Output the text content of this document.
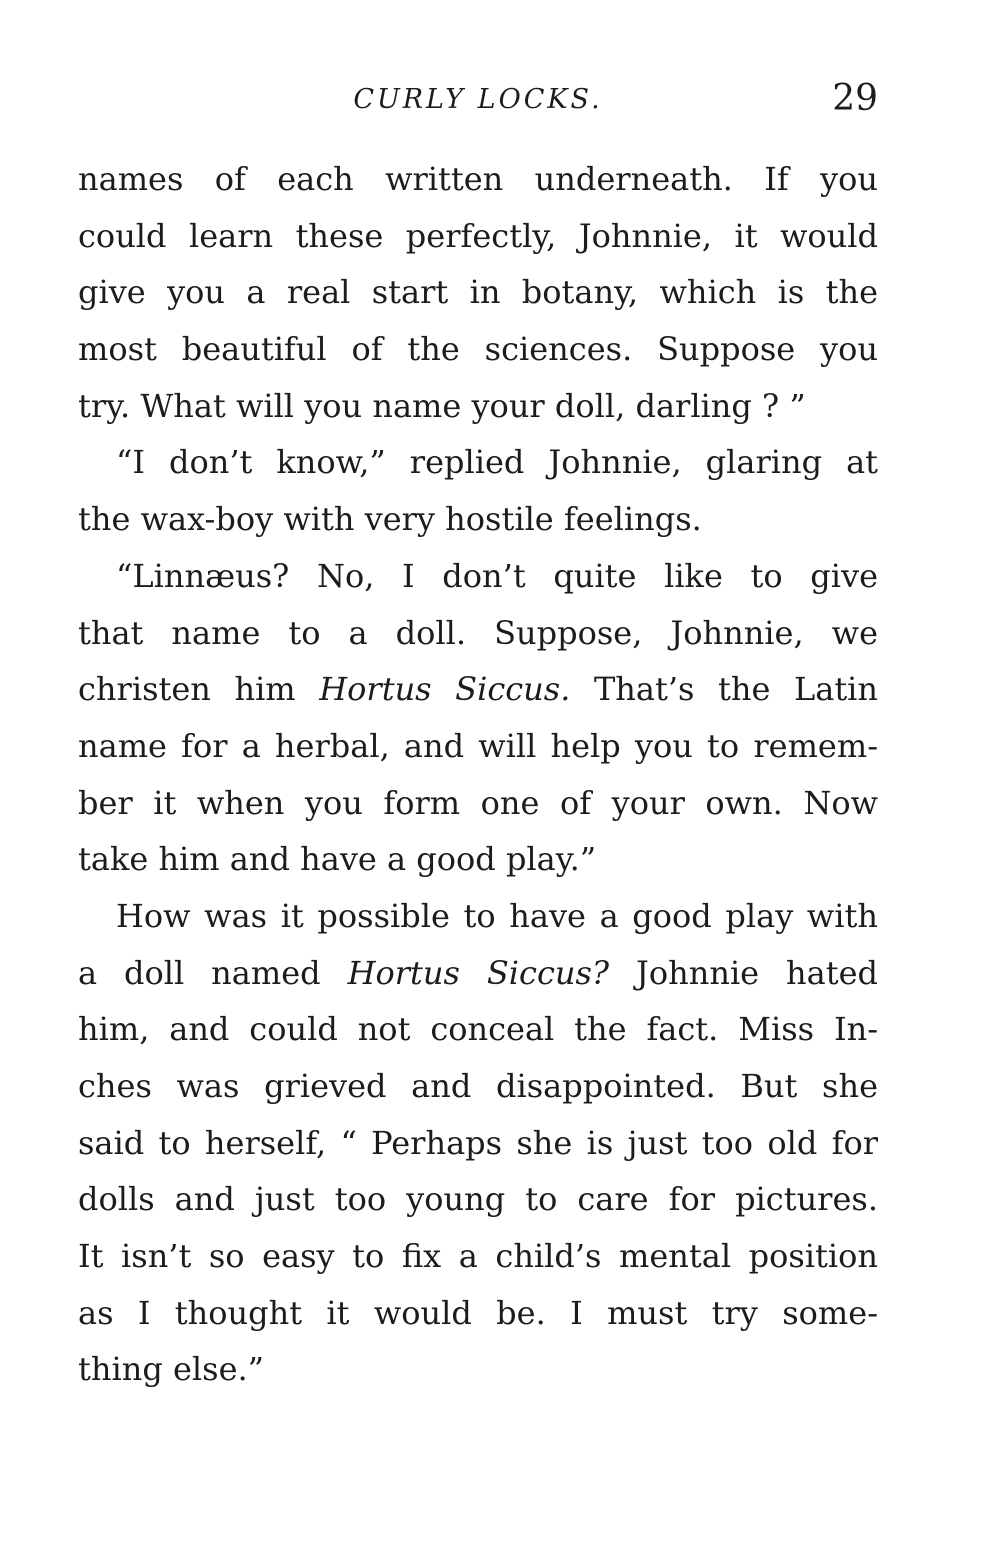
CURLY LOCKS.	29
names of each written underneath. If you
could learn these perfectly, Johnnie, it would
give you a real start in botany, which is the
most beautiful of the sciences. Suppose you
try. What will you name your doll, darling ? ”
“I don’t know,” replied Johnnie, glaring at
the wax-boy with very hostile feelings.
“Linnæus? No, I don’t quite like to give
that name to a doll. Suppose, Johnnie, we
christen him Hortus Siccus. That’s the Latin
name for a herbal, and will help you to remem-
ber it when you form one of your own. Now
take him and have a good play.”
How was it possible to have a good play with
a doll named Hortus Siccus? Johnnie hated
him, and could not conceal the fact. Miss In-
ches was grieved and disappointed. But she
said to herself, “ Perhaps she is just too old for
dolls and just too young to care for pictures.
It isn’t so easy to fix a child’s mental position
as I thought it would be. I must try some-
thing else.”
